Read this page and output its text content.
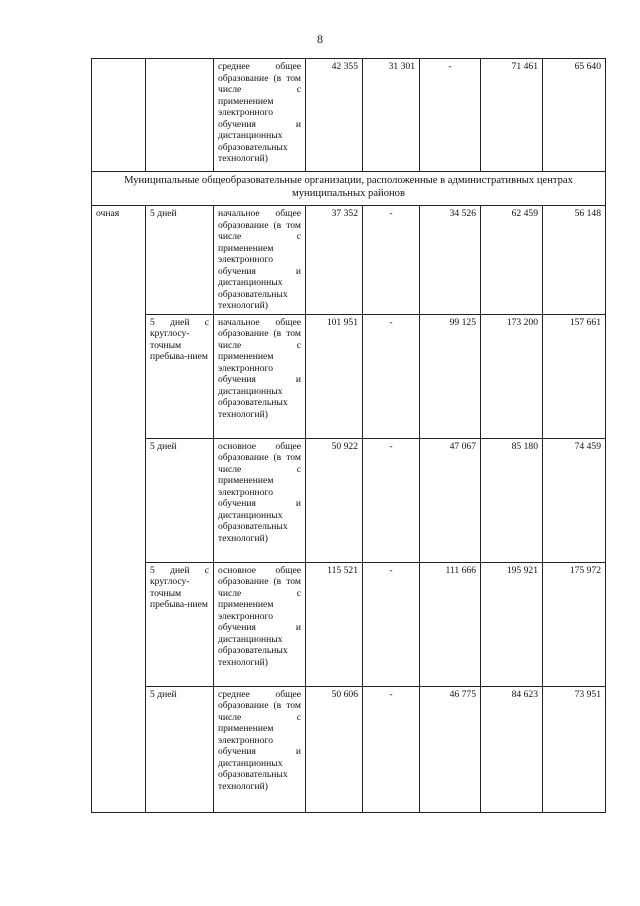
8
		среднее общее образование (в том числе с применением электронного обучения и дистанционных образовательных технологий)	42 355	31 301	-	71 461	65 640
Муниципальные общеобразовательные организации, расположенные в административных центрах муниципальных районов							
очная	5 дней	начальное общее образование (в том числе с применением электронного обучения и дистанционных образовательных технологий)	37 352	-	34 526	62 459	56 148
	5 дней с круглосу-точным пребыва-нием	начальное общее образование (в том числе с применением электронного обучения и дистанционных образовательных технологий)	101 951	-	99 125	173 200	157 661
	5 дней	основное общее образование (в том числе с применением электронного обучения и дистанционных образовательных технологий)	50 922	-	47 067	85 180	74 459
	5 дней с круглосу-точным пребыва-нием	основное общее образование (в том числе с применением электронного обучения и дистанционных образовательных технологий)	115 521	-	111 666	195 921	175 972
	5 дней	среднее общее образование (в том числе с применением электронного обучения и дистанционных образовательных технологий)	50 606	-	46 775	84 623	73 951
